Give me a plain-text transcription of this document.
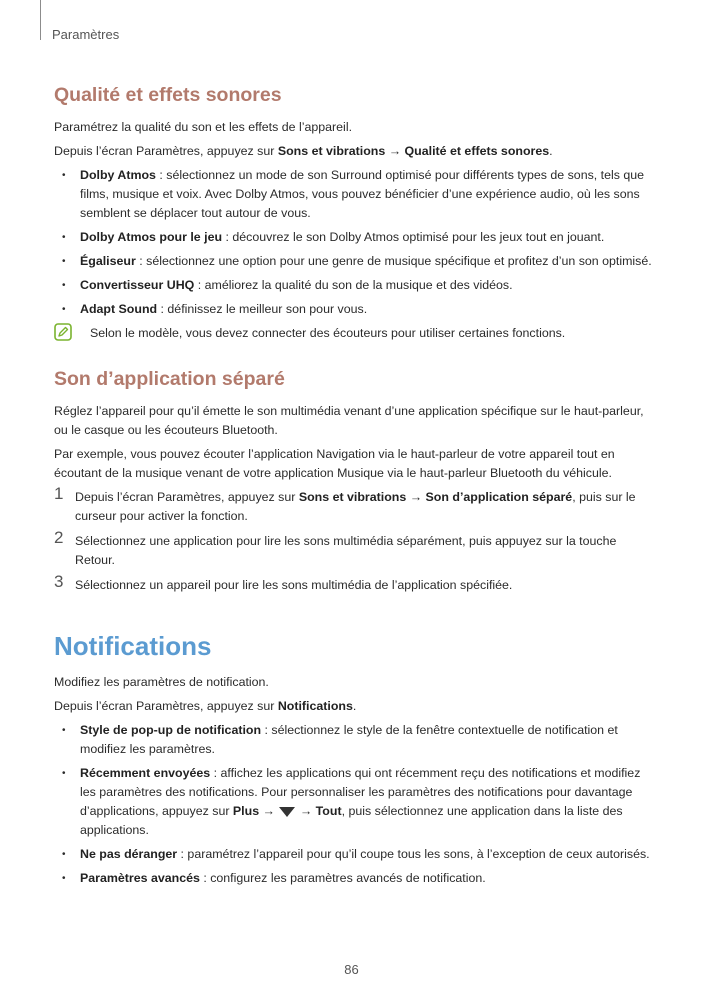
Paramètres
Qualité et effets sonores

Paramétrez la qualité du son et les effets de l’appareil.

Depuis l’écran Paramètres, appuyez sur Sons et vibrations → Qualité et effets sonores.

• Dolby Atmos : sélectionnez un mode de son Surround optimisé pour différents types de sons, tels que films, musique et voix. Avec Dolby Atmos, vous pouvez bénéficier d’une expérience audio, où les sons semblent se déplacer tout autour de vous.
• Dolby Atmos pour le jeu : découvrez le son Dolby Atmos optimisé pour les jeux tout en jouant.
• Égaliseur : sélectionnez une option pour une genre de musique spécifique et profitez d’un son optimisé.
• Convertisseur UHQ : améliorez la qualité du son de la musique et des vidéos.
• Adapt Sound : définissez le meilleur son pour vous.
Selon le modèle, vous devez connecter des écouteurs pour utiliser certaines fonctions.
Son d’application séparé

Réglez l’appareil pour qu’il émette le son multimédia venant d’une application spécifique sur le haut-parleur, ou le casque ou les écouteurs Bluetooth.

Par exemple, vous pouvez écouter l’application Navigation via le haut-parleur de votre appareil tout en écoutant de la musique venant de votre application Musique via le haut-parleur Bluetooth du véhicule.

1 Depuis l’écran Paramètres, appuyez sur Sons et vibrations → Son d’application séparé, puis sur le curseur pour activer la fonction.
2 Sélectionnez une application pour lire les sons multimédia séparément, puis appuyez sur la touche Retour.
3 Sélectionnez un appareil pour lire les sons multimédia de l’application spécifiée.
Notifications

Modifiez les paramètres de notification.

Depuis l’écran Paramètres, appuyez sur Notifications.

• Style de pop-up de notification : sélectionnez le style de la fenêtre contextuelle de notification et modifiez les paramètres.
• Récemment envoyées : affichez les applications qui ont récemment reçu des notifications et modifiez les paramètres des notifications. Pour personnaliser les paramètres des notifications pour davantage d’applications, appuyez sur Plus →  → Tout, puis sélectionnez une application dans la liste des applications.
• Ne pas déranger : paramétrez l’appareil pour qu’il coupe tous les sons, à l’exception de ceux autorisés.
• Paramètres avancés : configurez les paramètres avancés de notification.
86
